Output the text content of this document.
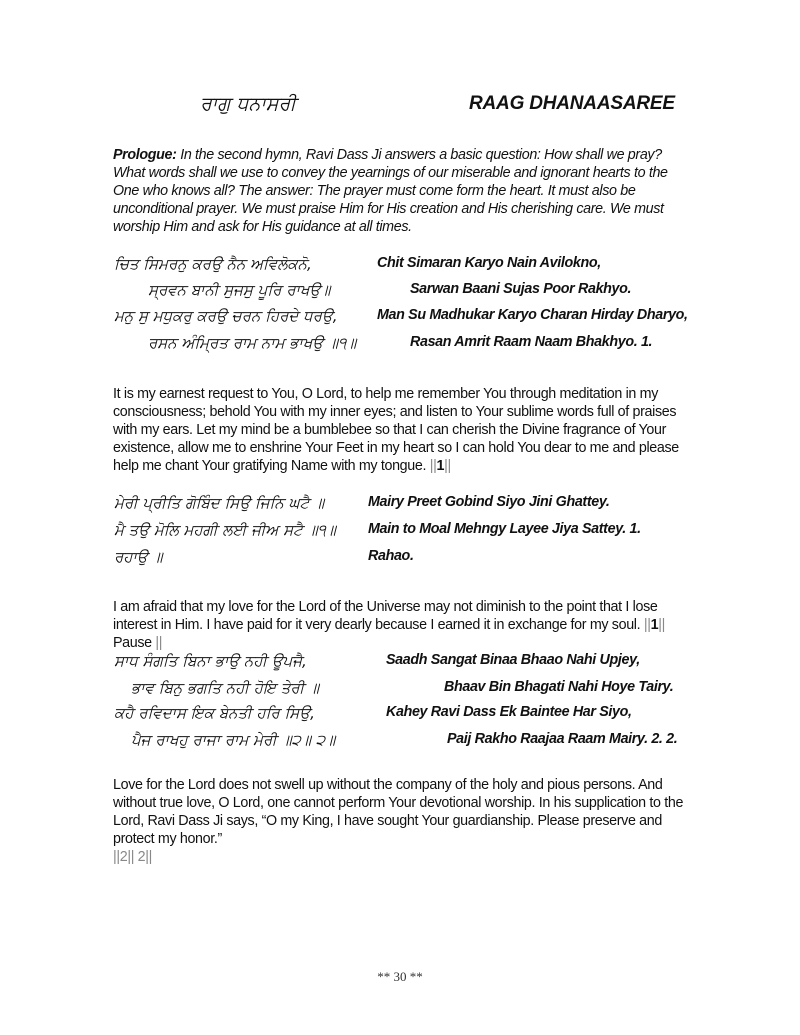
ਰਾਗੁ ਧਨਾਸਰੀ	RAAG DHANAASAREE
Prologue: In the second hymn, Ravi Dass Ji answers a basic question: How shall we pray? What words shall we use to convey the yearnings of our miserable and ignorant hearts to the One who knows all? The answer: The prayer must come form the heart. It must also be unconditional prayer. We must praise Him for His creation and His cherishing care. We must worship Him and ask for His guidance at all times.
ਚਿਤ ਸਿਮਰਨੁ ਕਰਉ ਨੈਨ ਅਵਿਲੋਕਨੋ,	Chit Simaran Karyo Nain Avilokno,
ਸ੍ਰਵਨ ਬਾਨੀ ਸੁਜਸੁ ਪੂਰਿ ਰਾਖਉ॥	Sarwan Baani Sujas Poor Rakhyo.
ਮਨੁ ਸੁ ਮਧੁਕਰੁ ਕਰਉ ਚਰਨ ਹਿਰਦੇ ਧਰਉ,	Man Su Madhukar Karyo Charan Hirday Dharyo,
ਰਸਨ ਅੰਮ੍ਰਿਤ ਰਾਮ ਨਾਮ ਭਾਖਉ ॥੧॥	Rasan Amrit Raam Naam Bhakhyo. 1.
It is my earnest request to You, O Lord, to help me remember You through meditation in my consciousness; behold You with my inner eyes; and listen to Your sublime words full of praises with my ears. Let my mind be a bumblebee so that I can cherish the Divine fragrance of Your existence, allow me to enshrine Your Feet in my heart so I can hold You dear to me and please help me chant Your gratifying Name with my tongue. ||1||
ਮੇਰੀ ਪ੍ਰੀਤਿ ਗੋਬਿੰਦ ਸਿਉ ਜਿਨਿ ਘਟੈ ॥	Mairy Preet Gobind Siyo Jini Ghattey.
ਮੈ ਤਉ ਮੋਲਿ ਮਹਗੀ ਲਈ ਜੀਅ ਸਟੈ ॥੧॥ Main to Moal Mehngy Layee Jiya Sattey. 1.
ਰਹਾਉ ॥	Rahao.
I am afraid that my love for the Lord of the Universe may not diminish to the point that I lose interest in Him. I have paid for it very dearly because I earned it in exchange for my soul. ||1|| Pause ||
ਸਾਧ ਸੰਗਤਿ ਬਿਨਾ ਭਾਉ ਨਹੀ ਊਪਜੈ,	Saadh Sangat Binaa Bhaao Nahi Upjey,
ਭਾਵ ਬਿਨੁ ਭਗਤਿ ਨਹੀ ਹੋਇ ਤੇਰੀ ॥	Bhaav Bin Bhagati Nahi Hoye Tairy.
ਕਹੈ ਰਵਿਦਾਸ ਇਕ ਬੇਨਤੀ ਹਰਿ ਸਿਉ,	Kahey Ravi Dass Ek Baintee Har Siyo,
ਪੈਜ ਰਾਖਹੁ ਰਾਜਾ ਰਾਮ ਮੇਰੀ ॥੨॥ ੨॥	Paij Rakho Raajaa Raam Mairy. 2. 2.
Love for the Lord does not swell up without the company of the holy and pious persons. And without true love, O Lord, one cannot perform Your devotional worship. In his supplication to the Lord, Ravi Dass Ji says, “O my King, I have sought Your guardianship. Please preserve and protect my honor.”
||2|| 2||
** 30 **
